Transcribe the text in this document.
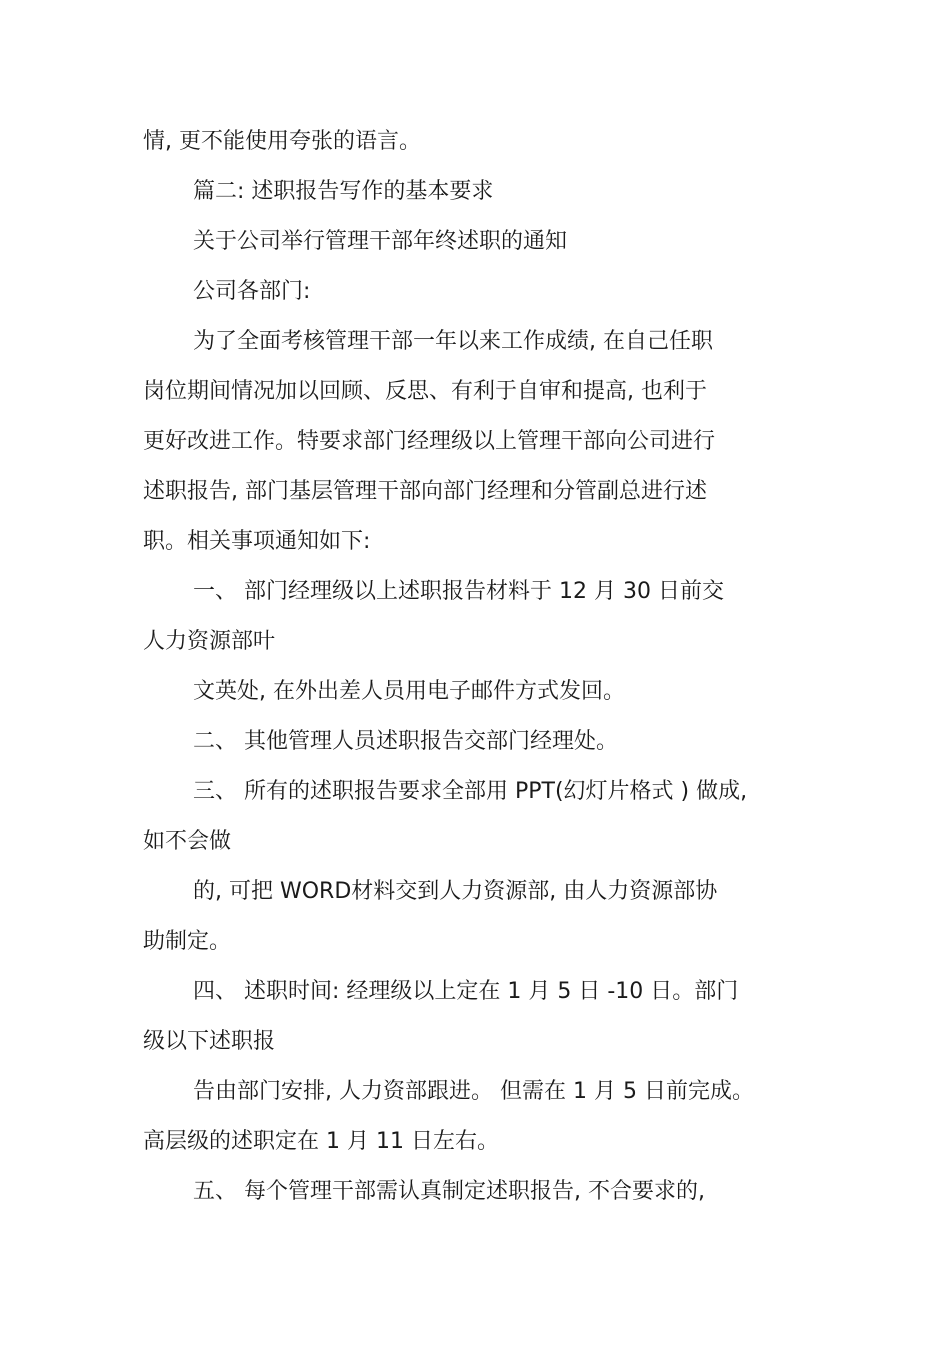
情, 更不能使用夸张的语言。

篇二: 述职报告写作的基本要求

关于公司举行管理干部年终述职的通知

公司各部门:

为了全面考核管理干部一年以来工作成绩, 在自己任职

岗位期间情况加以回顾、反思、有利于自审和提高, 也利于

更好改进工作。特要求部门经理级以上管理干部向公司进行

述职报告, 部门基层管理干部向部门经理和分管副总进行述

职。相关事项通知如下:

一、 部门经理级以上述职报告材料于 12 月 30 日前交

人力资源部叶

文英处, 在外出差人员用电子邮件方式发回。

二、 其他管理人员述职报告交部门经理处。

三、 所有的述职报告要求全部用 PPT(幻灯片格式 ) 做成,

如不会做

的, 可把 WORD材料交到人力资源部, 由人力资源部协

助制定。

四、 述职时间: 经理级以上定在 1 月 5 日 -10 日。部门

级以下述职报

告由部门安排, 人力资部跟进。 但需在 1 月 5 日前完成。

高层级的述职定在 1 月 11 日左右。

五、 每个管理干部需认真制定述职报告, 不合要求的,
